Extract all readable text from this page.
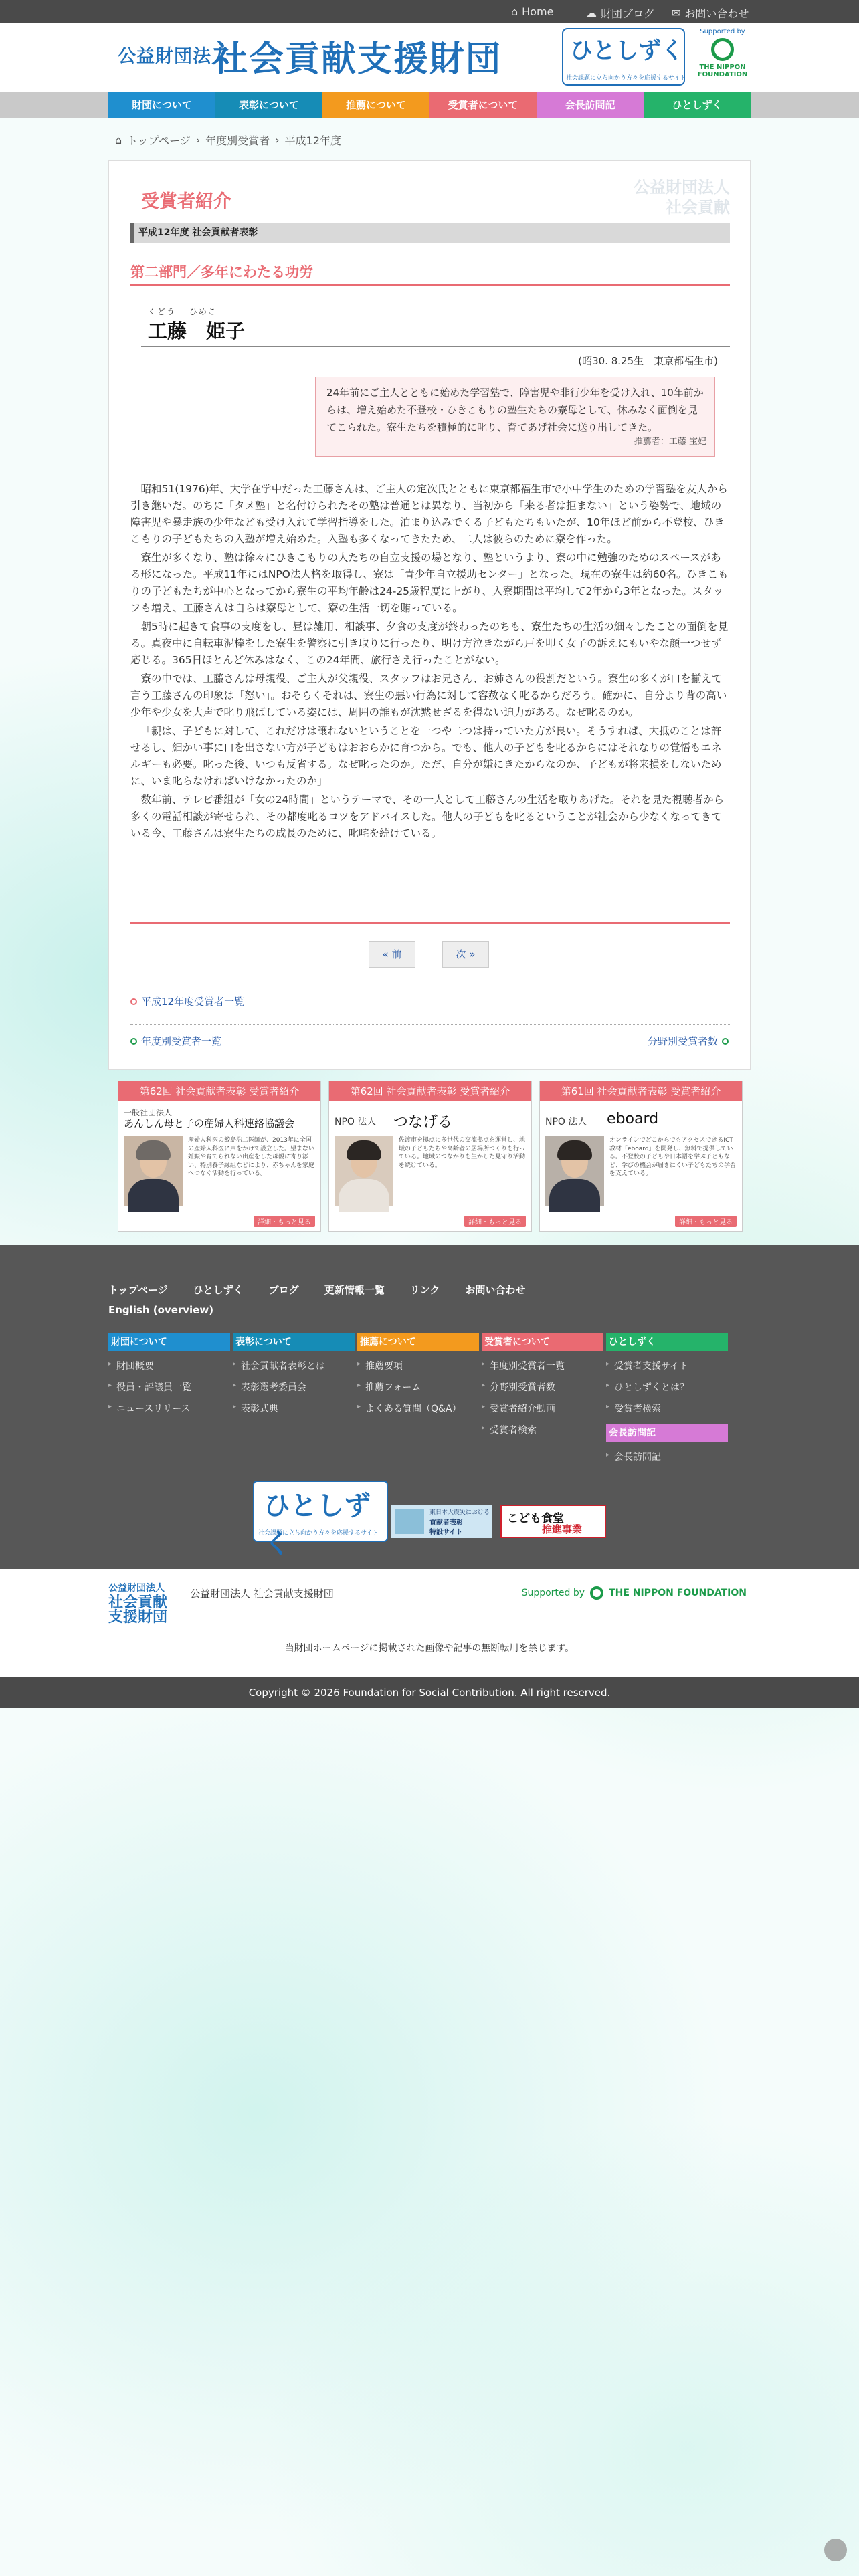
⌂ Home	☁ 財団ブログ ✉ お問い合わせ
公益財団法人
社会貢献支援財団	ひとしずく
社会課題に立ち向かう方々を応援するサイト
Supported by
THE NIPPON
FOUNDATION
財団について	表彰について	推薦について	受賞者について	会長訪問記	ひとしずく
⌂ トップページ › 年度別受賞者 › 平成12年度
受賞者紹介
公益財団法人
社会貢献
平成12年度 社会貢献者表彰
第二部門／多年にわたる功労
くどう　 ひめこ
工藤　姫子
(昭30. 8.25生　東京都福生市)
24年前にご主人とともに始めた学習塾で、障害児や非行少年を受け入れ、10年前からは、増え始めた不登校・ひきこもりの塾生たちの寮母として、休みなく面倒を見てこられた。寮生たちを積極的に叱り、育てあげ社会に送り出してきた。
推薦者：工藤 宝妃

昭和51(1976)年、大学在学中だった工藤さんは、ご主人の定次氏とともに東京都福生市で小中学生のための学習塾を友人から引き継いだ。のちに「タメ塾」と名付けられたその塾は普通とは異なり、当初から「来る者は拒まない」という姿勢で、地域の障害児や暴走族の少年なども受け入れて学習指導をした。泊まり込みでくる子どもたちもいたが、10年ほど前から不登校、ひきこもりの子どもたちの入塾が増え始めた。入塾も多くなってきたため、二人は彼らのために寮を作った。

寮生が多くなり、塾は徐々にひきこもりの人たちの自立支援の場となり、塾というより、寮の中に勉強のためのスペースがある形になった。平成11年にはNPO法人格を取得し、寮は「青少年自立援助センター」となった。現在の寮生は約60名。ひきこもりの子どもたちが中心となってから寮生の平均年齢は24-25歳程度に上がり、入寮期間は平均して2年から3年となった。スタッフも増え、工藤さんは自らは寮母として、寮の生活一切を賄っている。

朝5時に起きて食事の支度をし、昼は雑用、相談事、夕食の支度が終わったのちも、寮生たちの生活の細々したことの面倒を見る。真夜中に自転車泥棒をした寮生を警察に引き取りに行ったり、明け方泣きながら戸を叩く女子の訴えにもいやな顔一つせず応じる。365日ほとんど休みはなく、この24年間、旅行さえ行ったことがない。

寮の中では、工藤さんは母親役、ご主人が父親役、スタッフはお兄さん、お姉さんの役割だという。寮生の多くが口を揃えて言う工藤さんの印象は「怒い」。おそらくそれは、寮生の悪い行為に対して容赦なく叱るからだろう。確かに、自分より背の高い少年や少女を大声で叱り飛ばしている姿には、周囲の誰もが沈黙せざるを得ない迫力がある。なぜ叱るのか。

「親は、子どもに対して、これだけは譲れないということを一つや二つは持っていた方が良い。そうすれば、大抵のことは許せるし、細かい事に口を出さない方が子どもはおおらかに育つから。でも、他人の子どもを叱るからにはそれなりの覚悟もエネルギーも必要。叱った後、いつも反省する。なぜ叱ったのか。ただ、自分が嫌にきたからなのか、子どもが将来損をしないために、いま叱らなければいけなかったのか」

数年前、テレビ番組が「女の24時間」というテーマで、その一人として工藤さんの生活を取りあげた。それを見た視聴者から多くの電話相談が寄せられ、その都度叱るコツをアドバイスした。他人の子どもを叱るということが社会から少なくなってきている今、工藤さんは寮生たちの成長のために、叱咤を続けている。

« 前	次 »
平成12年度受賞者一覧
年度別受賞者一覧	分野別受賞者数
第62回 社会貢献者表彰 受賞者紹介
一般社団法人
あんしん母と子の産婦人科連絡協議会
産婦人科医の鮫島浩二医師が、2013年に全国の産婦人科医に声をかけて設立した。望まない妊娠や育てられない出産をした母親に寄り添い、特別養子縁組などにより、赤ちゃんを家庭へつなぐ活動を行っている。
詳細・もっと見る
第62回 社会貢献者表彰 受賞者紹介
NPO 法人 つなげる
佐渡市を拠点に多世代の交流拠点を運営し、地域の子どもたちや高齢者の居場所づくりを行っている。地域のつながりを生かした見守り活動を続けている。
詳細・もっと見る
第61回 社会貢献者表彰 受賞者紹介
NPO 法人 eboard
オンラインでどこからでもアクセスできるICT教材「eboard」を開発し、無料で提供している。不登校の子どもや日本語を学ぶ子どもなど、学びの機会が届きにくい子どもたちの学習を支えている。
詳細・もっと見る
トップページ	ひとしずく	ブログ	更新情報一覧	リンク	お問い合わせ
English (overview)
財団について
▸ 財団概要
▸ 役員・評議員一覧
▸ ニュースリリース
表彰について
▸ 社会貢献者表彰とは
▸ 表彰選考委員会
▸ 表彰式典
推薦について
▸ 推薦要項
▸ 推薦フォーム
▸ よくある質問（Q&A）
受賞者について
▸ 年度別受賞者一覧
▸ 分野別受賞者数
▸ 受賞者紹介動画
▸ 受賞者検索
ひとしずく
▸ 受賞者支援サイト
▸ ひとしずくとは？
▸ 受賞者検索
会長訪問記
▸ 会長訪問記
ひとしずく
社会課題に立ち向かう方々を応援するサイト
東日本大震災における
貢献者表彰
特設サイト
こども食堂
推進事業
公益財団法人
社会貢献
支援財団
公益財団法人 社会貢献支援財団	Supported by	THE NIPPON FOUNDATION
当財団ホームページに掲載された画像や記事の無断転用を禁じます。
Copyright © 2026 Foundation for Social Contribution. All right reserved.
